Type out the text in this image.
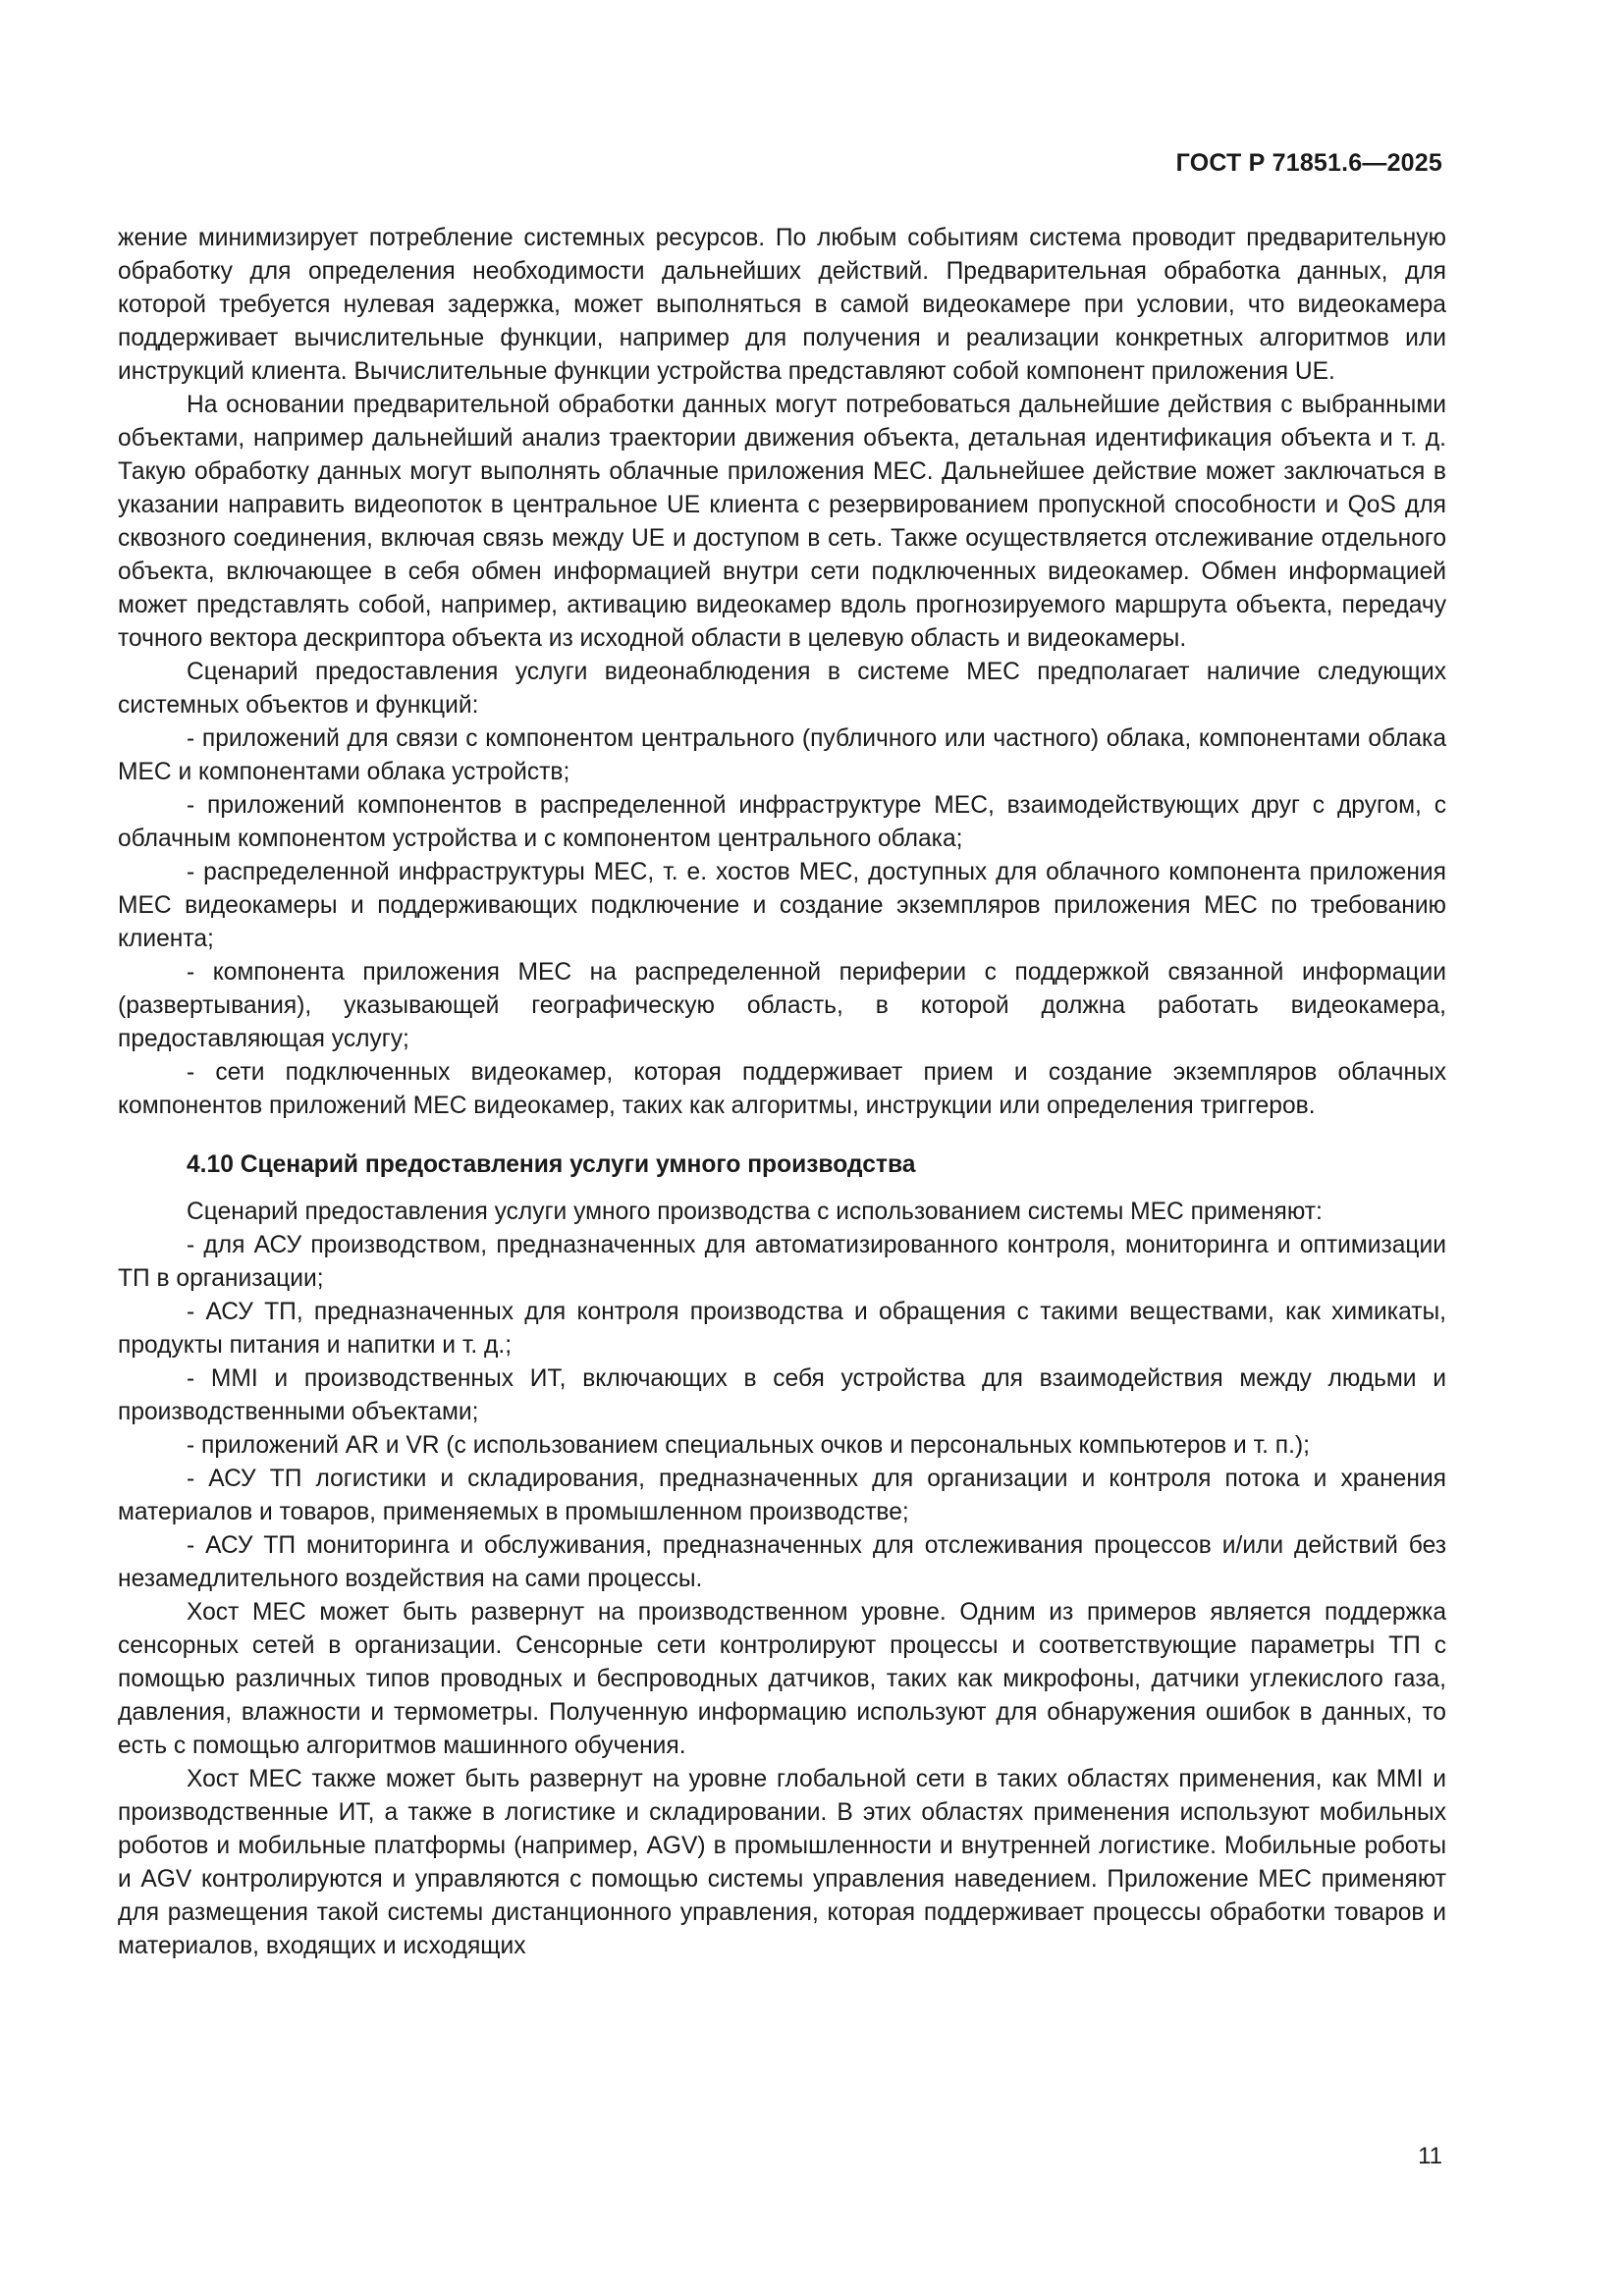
ГОСТ Р 71851.6—2025

жение минимизирует потребление системных ресурсов. По любым событиям система проводит предварительную обработку для определения необходимости дальнейших действий. Предварительная обработка данных, для которой требуется нулевая задержка, может выполняться в самой видеокамере при условии, что видеокамера поддерживает вычислительные функции, например для получения и реализации конкретных алгоритмов или инструкций клиента. Вычислительные функции устройства представляют собой компонент приложения UE.

На основании предварительной обработки данных могут потребоваться дальнейшие действия с выбранными объектами, например дальнейший анализ траектории движения объекта, детальная идентификация объекта и т. д. Такую обработку данных могут выполнять облачные приложения MEC. Дальнейшее действие может заключаться в указании направить видеопоток в центральное UE клиента с резервированием пропускной способности и QoS для сквозного соединения, включая связь между UE и доступом в сеть. Также осуществляется отслеживание отдельного объекта, включающее в себя обмен информацией внутри сети подключенных видеокамер. Обмен информацией может представлять собой, например, активацию видеокамер вдоль прогнозируемого маршрута объекта, передачу точного вектора дескриптора объекта из исходной области в целевую область и видеокамеры.

Сценарий предоставления услуги видеонаблюдения в системе MEC предполагает наличие следующих системных объектов и функций:

- приложений для связи с компонентом центрального (публичного или частного) облака, компонентами облака MEC и компонентами облака устройств;

- приложений компонентов в распределенной инфраструктуре MEC, взаимодействующих друг с другом, с облачным компонентом устройства и с компонентом центрального облака;

- распределенной инфраструктуры MEC, т. е. хостов MEC, доступных для облачного компонента приложения MEC видеокамеры и поддерживающих подключение и создание экземпляров приложения MEC по требованию клиента;

- компонента приложения MEC на распределенной периферии с поддержкой связанной информации (развертывания), указывающей географическую область, в которой должна работать видеокамера, предоставляющая услугу;

- сети подключенных видеокамер, которая поддерживает прием и создание экземпляров облачных компонентов приложений MEC видеокамер, таких как алгоритмы, инструкции или определения триггеров.

4.10 Сценарий предоставления услуги умного производства

Сценарий предоставления услуги умного производства с использованием системы MEC применяют:

- для АСУ производством, предназначенных для автоматизированного контроля, мониторинга и оптимизации ТП в организации;

- АСУ ТП, предназначенных для контроля производства и обращения с такими веществами, как химикаты, продукты питания и напитки и т. д.;

- MMI и производственных ИТ, включающих в себя устройства для взаимодействия между людьми и производственными объектами;

- приложений AR и VR (с использованием специальных очков и персональных компьютеров и т. п.);

- АСУ ТП логистики и складирования, предназначенных для организации и контроля потока и хранения материалов и товаров, применяемых в промышленном производстве;

- АСУ ТП мониторинга и обслуживания, предназначенных для отслеживания процессов и/или действий без незамедлительного воздействия на сами процессы.

Хост MEC может быть развернут на производственном уровне. Одним из примеров является поддержка сенсорных сетей в организации. Сенсорные сети контролируют процессы и соответствующие параметры ТП с помощью различных типов проводных и беспроводных датчиков, таких как микрофоны, датчики углекислого газа, давления, влажности и термометры. Полученную информацию используют для обнаружения ошибок в данных, то есть с помощью алгоритмов машинного обучения.

Хост MEC также может быть развернут на уровне глобальной сети в таких областях применения, как MMI и производственные ИТ, а также в логистике и складировании. В этих областях применения используют мобильных роботов и мобильные платформы (например, AGV) в промышленности и внутренней логистике. Мобильные роботы и AGV контролируются и управляются с помощью системы управления наведением. Приложение MEC применяют для размещения такой системы дистанционного управления, которая поддерживает процессы обработки товаров и материалов, входящих и исходящих

11
